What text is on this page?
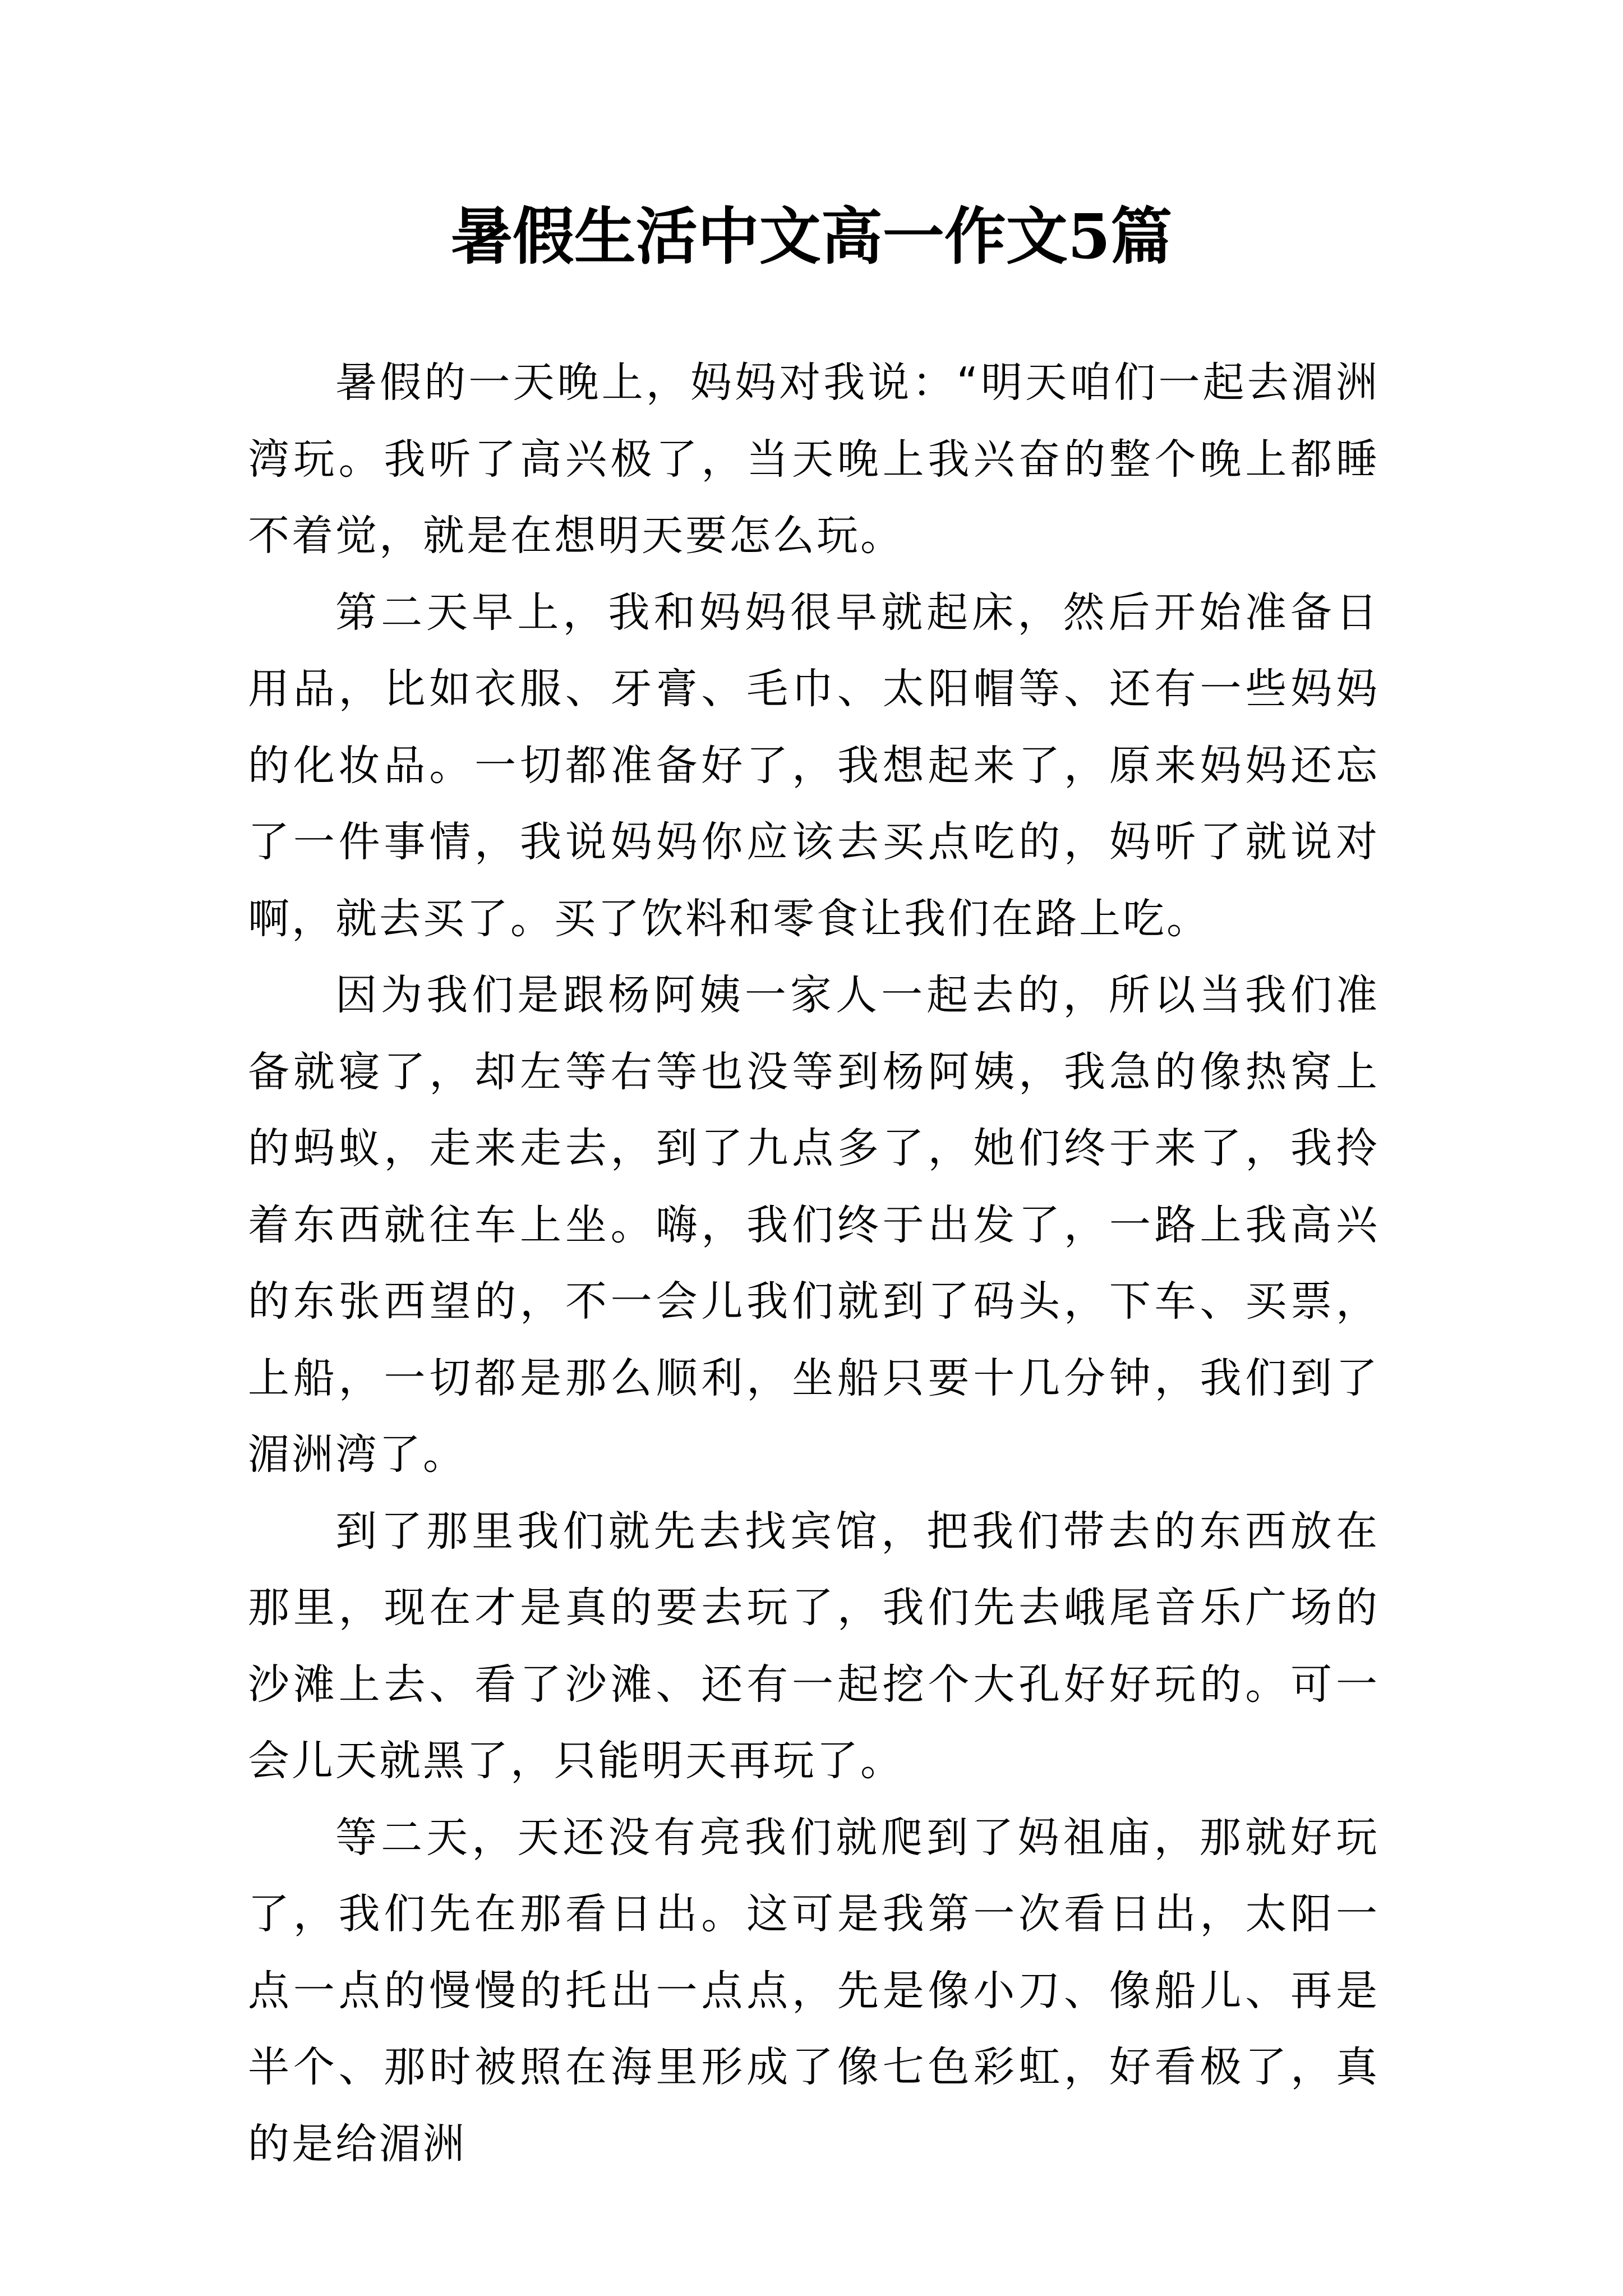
暑假生活中文高一作文5篇

暑假的一天晚上，妈妈对我说：“明天咱们一起去湄洲湾玩。我听了高兴极了，当天晚上我兴奋的整个晚上都睡不着觉，就是在想明天要怎么玩。

第二天早上，我和妈妈很早就起床，然后开始准备日用品，比如衣服、牙膏、毛巾、太阳帽等、还有一些妈妈的化妆品。一切都准备好了，我想起来了，原来妈妈还忘了一件事情，我说妈妈你应该去买点吃的，妈听了就说对啊，就去买了。买了饮料和零食让我们在路上吃。

因为我们是跟杨阿姨一家人一起去的，所以当我们准备就寝了，却左等右等也没等到杨阿姨，我急的像热窝上的蚂蚁，走来走去，到了九点多了，她们终于来了，我拎着东西就往车上坐。嗨，我们终于出发了，一路上我高兴的东张西望的，不一会儿我们就到了码头，下车、买票，上船，一切都是那么顺利，坐船只要十几分钟，我们到了湄洲湾了。

到了那里我们就先去找宾馆，把我们带去的东西放在那里，现在才是真的要去玩了，我们先去峨尾音乐广场的沙滩上去、看了沙滩、还有一起挖个大孔好好玩的。可一会儿天就黑了，只能明天再玩了。

等二天，天还没有亮我们就爬到了妈祖庙，那就好玩了，我们先在那看日出。这可是我第一次看日出，太阳一点一点的慢慢的托出一点点，先是像小刀、像船儿、再是半个、那时被照在海里形成了像七色彩虹，好看极了，真的是给湄洲
